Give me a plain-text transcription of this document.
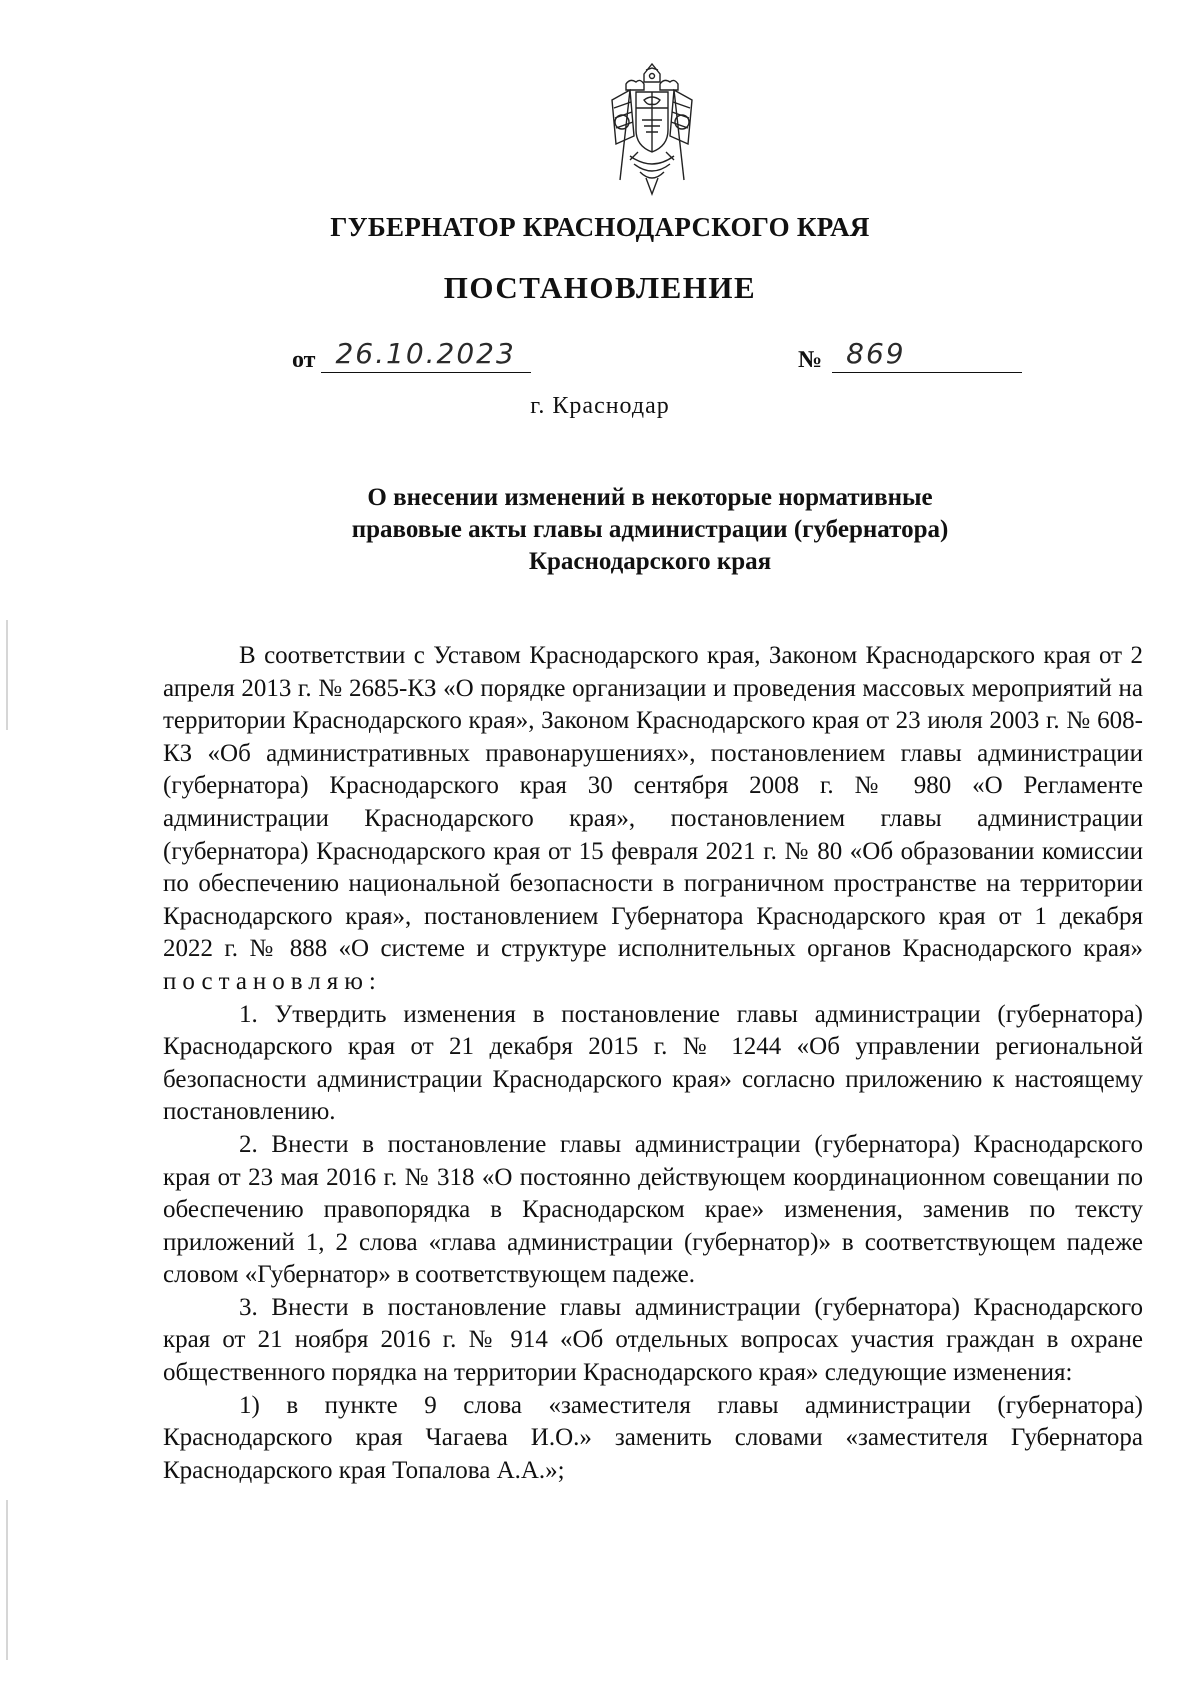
ГУБЕРНАТОР КРАСНОДАРСКОГО КРАЯ
ПОСТАНОВЛЕНИЕ
от 26.10.2023	№ 869
г. Краснодар
О внесении изменений в некоторые нормативные
правовые акты главы администрации (губернатора)
Краснодарского края

В соответствии с Уставом Краснодарского края, Законом Краснодарского края от 2 апреля 2013 г. № 2685-КЗ «О порядке организации и проведения массовых мероприятий на территории Краснодарского края», Законом Краснодарского края от 23 июля 2003 г. № 608-КЗ «Об административных правонарушениях», постановлением главы администрации (губернатора) Краснодарского края 30 сентября 2008 г. № 980 «О Регламенте администрации Краснодарского края», постановлением главы администрации (губернатора) Краснодарского края от 15 февраля 2021 г. № 80 «Об образовании комиссии по обеспечению национальной безопасности в пограничном пространстве на территории Краснодарского края», постановлением Губернатора Краснодарского края от 1 декабря 2022 г. № 888 «О системе и структуре исполнительных органов Краснодарского края» постановляю:

1. Утвердить изменения в постановление главы администрации (губернатора) Краснодарского края от 21 декабря 2015 г. № 1244 «Об управлении региональной безопасности администрации Краснодарского края» согласно приложению к настоящему постановлению.

2. Внести в постановление главы администрации (губернатора) Краснодарского края от 23 мая 2016 г. № 318 «О постоянно действующем координационном совещании по обеспечению правопорядка в Краснодарском крае» изменения, заменив по тексту приложений 1, 2 слова «глава администрации (губернатор)» в соответствующем падеже словом «Губернатор» в соответствующем падеже.

3. Внести в постановление главы администрации (губернатора) Краснодарского края от 21 ноября 2016 г. № 914 «Об отдельных вопросах участия граждан в охране общественного порядка на территории Краснодарского края» следующие изменения:

1) в пункте 9 слова «заместителя главы администрации (губернатора) Краснодарского края Чагаева И.О.» заменить словами «заместителя Губернатора Краснодарского края Топалова А.А.»;
